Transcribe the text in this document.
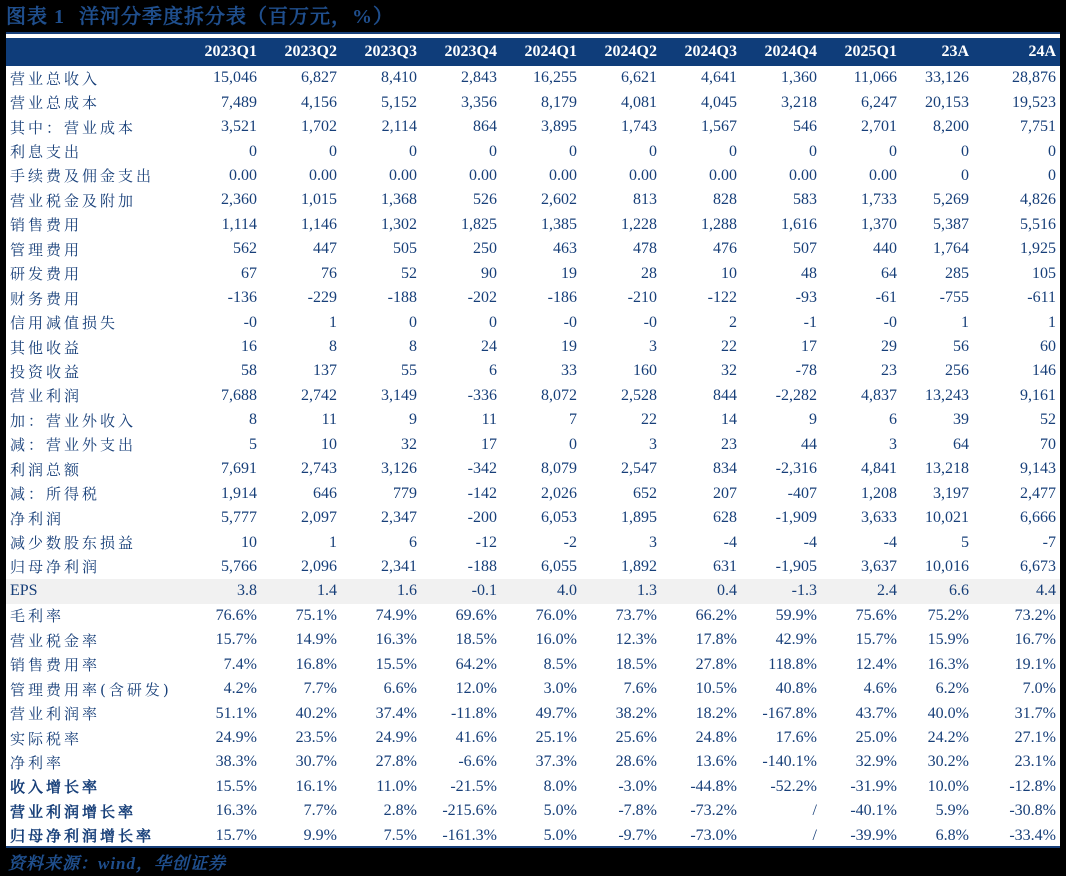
图表 1 洋河分季度拆分表（百万元，%）
	2023Q1	2023Q2	2023Q3	2023Q4	2024Q1	2024Q2	2024Q3	2024Q4	2025Q1	23A	24A
营业总收入	15,046	6,827	8,410	2,843	16,255	6,621	4,641	1,360	11,066	33,126	28,876
营业总成本	7,489	4,156	5,152	3,356	8,179	4,081	4,045	3,218	6,247	20,153	19,523
其中：营业成本	3,521	1,702	2,114	864	3,895	1,743	1,567	546	2,701	8,200	7,751
利息支出	0	0	0	0	0	0	0	0	0	0	0
手续费及佣金支出	0.00	0.00	0.00	0.00	0.00	0.00	0.00	0.00	0.00	0	0
营业税金及附加	2,360	1,015	1,368	526	2,602	813	828	583	1,733	5,269	4,826
销售费用	1,114	1,146	1,302	1,825	1,385	1,228	1,288	1,616	1,370	5,387	5,516
管理费用	562	447	505	250	463	478	476	507	440	1,764	1,925
研发费用	67	76	52	90	19	28	10	48	64	285	105
财务费用	-136	-229	-188	-202	-186	-210	-122	-93	-61	-755	-611
信用减值损失	-0	1	0	0	-0	-0	2	-1	-0	1	1
其他收益	16	8	8	24	19	3	22	17	29	56	60
投资收益	58	137	55	6	33	160	32	-78	23	256	146
营业利润	7,688	2,742	3,149	-336	8,072	2,528	844	-2,282	4,837	13,243	9,161
加：营业外收入	8	11	9	11	7	22	14	9	6	39	52
减：营业外支出	5	10	32	17	0	3	23	44	3	64	70
利润总额	7,691	2,743	3,126	-342	8,079	2,547	834	-2,316	4,841	13,218	9,143
减：所得税	1,914	646	779	-142	2,026	652	207	-407	1,208	3,197	2,477
净利润	5,777	2,097	2,347	-200	6,053	1,895	628	-1,909	3,633	10,021	6,666
减少数股东损益	10	1	6	-12	-2	3	-4	-4	-4	5	-7
归母净利润	5,766	2,096	2,341	-188	6,055	1,892	631	-1,905	3,637	10,016	6,673
EPS	3.8	1.4	1.6	-0.1	4.0	1.3	0.4	-1.3	2.4	6.6	4.4
毛利率	76.6%	75.1%	74.9%	69.6%	76.0%	73.7%	66.2%	59.9%	75.6%	75.2%	73.2%
营业税金率	15.7%	14.9%	16.3%	18.5%	16.0%	12.3%	17.8%	42.9%	15.7%	15.9%	16.7%
销售费用率	7.4%	16.8%	15.5%	64.2%	8.5%	18.5%	27.8%	118.8%	12.4%	16.3%	19.1%
管理费用率(含研发)	4.2%	7.7%	6.6%	12.0%	3.0%	7.6%	10.5%	40.8%	4.6%	6.2%	7.0%
营业利润率	51.1%	40.2%	37.4%	-11.8%	49.7%	38.2%	18.2%	-167.8%	43.7%	40.0%	31.7%
实际税率	24.9%	23.5%	24.9%	41.6%	25.1%	25.6%	24.8%	17.6%	25.0%	24.2%	27.1%
净利率	38.3%	30.7%	27.8%	-6.6%	37.3%	28.6%	13.6%	-140.1%	32.9%	30.2%	23.1%
收入增长率	15.5%	16.1%	11.0%	-21.5%	8.0%	-3.0%	-44.8%	-52.2%	-31.9%	10.0%	-12.8%
营业利润增长率	16.3%	7.7%	2.8%	-215.6%	5.0%	-7.8%	-73.2%	/	-40.1%	5.9%	-30.8%
归母净利润增长率	15.7%	9.9%	7.5%	-161.3%	5.0%	-9.7%	-73.0%	/	-39.9%	6.8%	-33.4%
资料来源：wind，华创证券
